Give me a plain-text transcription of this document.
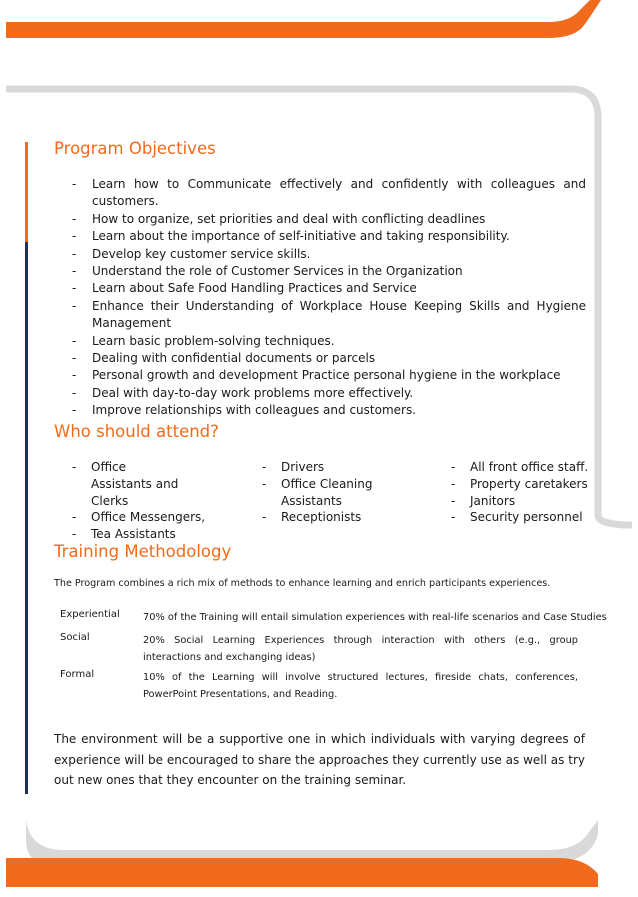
Program Objectives
- Learn how to Communicate effectively and confidently with colleagues and customers.
- How to organize, set priorities and deal with conflicting deadlines
- Learn about the importance of self-initiative and taking responsibility.
- Develop key customer service skills.
- Understand the role of Customer Services in the Organization
- Learn about Safe Food Handling Practices and Service
- Enhance their Understanding of Workplace House Keeping Skills and Hygiene Management
- Learn basic problem-solving techniques.
- Dealing with confidential documents or parcels
- Personal growth and development Practice personal hygiene in the workplace
- Deal with day-to-day work problems more effectively.
- Improve relationships with colleagues and customers.
Who should attend?
- Office Assistants and Clerks
- Office Messengers,
- Tea Assistants
- Drivers
- Office Cleaning Assistants
- Receptionists
- All front office staff.
- Property caretakers
- Janitors
- Security personnel
Training Methodology

The Program combines a rich mix of methods to enhance learning and enrich participants experiences.

Experiential 70% of the Training will entail simulation experiences with real-life scenarios and Case Studies
Social	20% Social Learning Experiences through interaction with others (e.g., group interactions and exchanging ideas)
Formal	10% of the Learning will involve structured lectures, fireside chats, conferences, PowerPoint Presentations, and Reading.

The environment will be a supportive one in which individuals with varying degrees of experience will be encouraged to share the approaches they currently use as well as try out new ones that they encounter on the training seminar.
